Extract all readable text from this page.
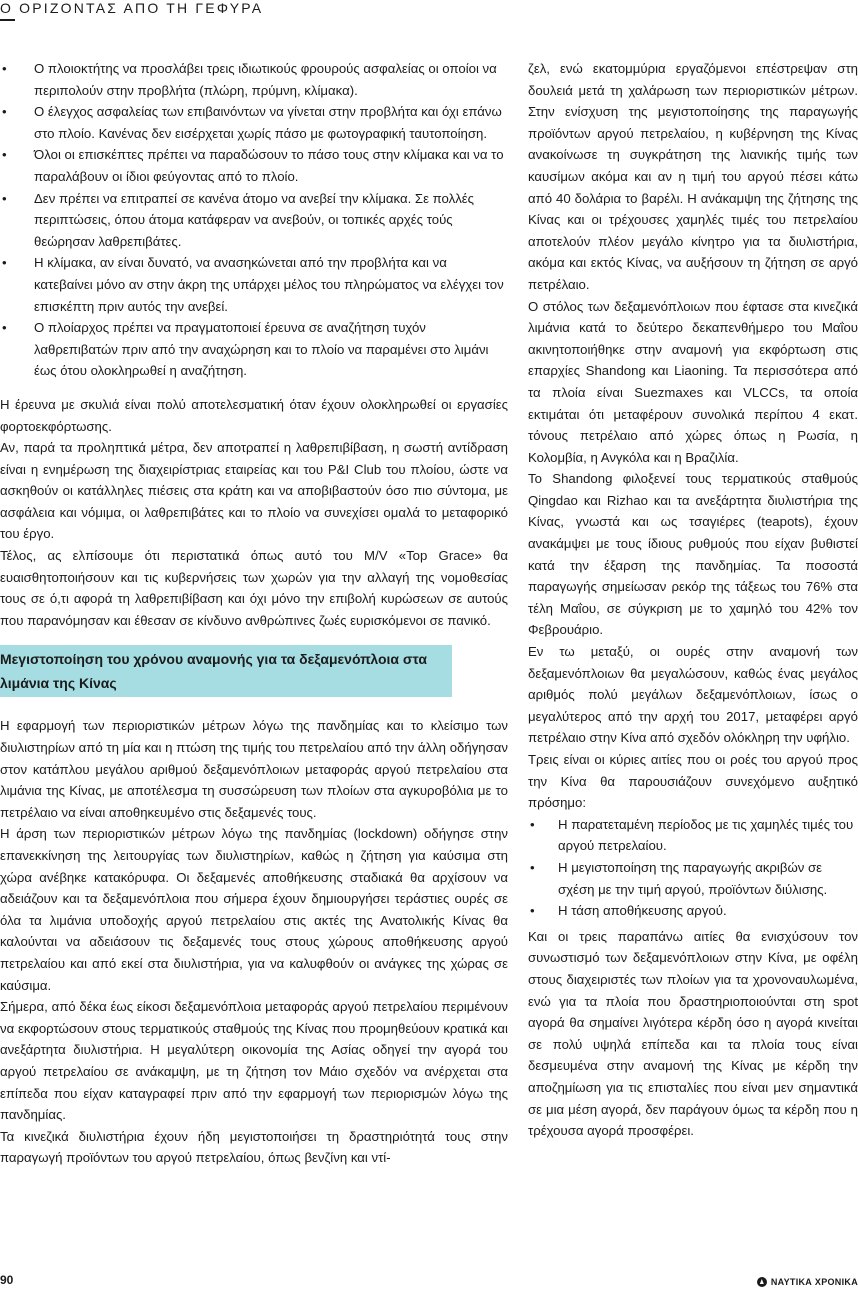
Ο ΟΡΙΖΟΝΤΑΣ ΑΠΟ ΤΗ ΓΕΦΥΡΑ
• Ο πλοιοκτήτης να προσλάβει τρεις ιδιωτικούς φρουρούς ασφαλείας οι οποίοι να περιπολούν στην προβλήτα (πλώρη, πρύμνη, κλίμακα).
• Ο έλεγχος ασφαλείας των επιβαινόντων να γίνεται στην προβλήτα και όχι επάνω στο πλοίο. Κανένας δεν εισέρχεται χωρίς πάσο με φωτογραφική ταυτοποίηση.
• Όλοι οι επισκέπτες πρέπει να παραδώσουν το πάσο τους στην κλίμακα και να το παραλάβουν οι ίδιοι φεύγοντας από το πλοίο.
• Δεν πρέπει να επιτραπεί σε κανένα άτομο να ανεβεί την κλίμακα. Σε πολλές περιπτώσεις, όπου άτομα κατάφεραν να ανεβούν, οι τοπικές αρχές τούς θεώρησαν λαθρεπιβάτες.
• Η κλίμακα, αν είναι δυνατό, να ανασηκώνεται από την προβλήτα και να κατεβαίνει μόνο αν στην άκρη της υπάρχει μέλος του πληρώματος να ελέγχει τον επισκέπτη πριν αυτός την ανεβεί.
• Ο πλοίαρχος πρέπει να πραγματοποιεί έρευνα σε αναζήτηση τυχόν λαθρεπιβατών πριν από την αναχώρηση και το πλοίο να παραμένει στο λιμάνι έως ότου ολοκληρωθεί η αναζήτηση.

Η έρευνα με σκυλιά είναι πολύ αποτελεσματική όταν έχουν ολοκληρωθεί οι εργασίες φορτοεκφόρτωσης.

Αν, παρά τα προληπτικά μέτρα, δεν αποτραπεί η λαθρεπιβίβαση, η σωστή αντίδραση είναι η ενημέρωση της διαχειρίστριας εταιρείας και του P&I Club του πλοίου, ώστε να ασκηθούν οι κατάλληλες πιέσεις στα κράτη και να αποβιβαστούν όσο πιο σύντομα, με ασφάλεια και νόμιμα, οι λαθρεπιβάτες και το πλοίο να συνεχίσει ομαλά το μεταφορικό του έργο.

Τέλος, ας ελπίσουμε ότι περιστατικά όπως αυτό του M/V «Top Grace» θα ευαισθητοποιήσουν και τις κυβερνήσεις των χωρών για την αλλαγή της νομοθεσίας τους σε ό,τι αφορά τη λαθρεπιβίβαση και όχι μόνο την επιβολή κυρώσεων σε αυτούς που παρανόμησαν και έθεσαν σε κίνδυνο ανθρώπινες ζωές ευρισκόμενοι σε πανικό.

Μεγιστοποίηση του χρόνου αναμονής για τα δεξαμενόπλοια στα λιμάνια της Κίνας

Η εφαρμογή των περιοριστικών μέτρων λόγω της πανδημίας και το κλείσιμο των διυλιστηρίων από τη μία και η πτώση της τιμής του πετρελαίου από την άλλη οδήγησαν στον κατάπλου μεγάλου αριθμού δεξαμενόπλοιων μεταφοράς αργού πετρελαίου στα λιμάνια της Κίνας, με αποτέλεσμα τη συσσώρευση των πλοίων στα αγκυροβόλια με το πετρέλαιο να είναι αποθηκευμένο στις δεξαμενές τους.

Η άρση των περιοριστικών μέτρων λόγω της πανδημίας (lockdown) οδήγησε στην επανεκκίνηση της λειτουργίας των διυλιστηρίων, καθώς η ζήτηση για καύσιμα στη χώρα ανέβηκε κατακόρυφα. Οι δεξαμενές αποθήκευσης σταδιακά θα αρχίσουν να αδειάζουν και τα δεξαμενόπλοια που σήμερα έχουν δημιουργήσει τεράστιες ουρές σε όλα τα λιμάνια υποδοχής αργού πετρελαίου στις ακτές της Ανατολικής Κίνας θα καλούνται να αδειάσουν τις δεξαμενές τους στους χώρους αποθήκευσης αργού πετρελαίου και από εκεί στα διυλιστήρια, για να καλυφθούν οι ανάγκες της χώρας σε καύσιμα.

Σήμερα, από δέκα έως είκοσι δεξαμενόπλοια μεταφοράς αργού πετρελαίου περιμένουν να εκφορτώσουν στους τερματικούς σταθμούς της Κίνας που προμηθεύουν κρατικά και ανεξάρτητα διυλιστήρια. Η μεγαλύτερη οικονομία της Ασίας οδηγεί την αγορά του αργού πετρελαίου σε ανάκαμψη, με τη ζήτηση τον Μάιο σχεδόν να ανέρχεται στα επίπεδα που είχαν καταγραφεί πριν από την εφαρμογή των περιορισμών λόγω της πανδημίας.

Τα κινεζικά διυλιστήρια έχουν ήδη μεγιστοποιήσει τη δραστηριότητά τους στην παραγωγή προϊόντων του αργού πετρελαίου, όπως βενζίνη και ντί-

ζελ, ενώ εκατομμύρια εργαζόμενοι επέστρεψαν στη δουλειά μετά τη χαλάρωση των περιοριστικών μέτρων. Στην ενίσχυση της μεγιστοποίησης της παραγωγής προϊόντων αργού πετρελαίου, η κυβέρνηση της Κίνας ανακοίνωσε τη συγκράτηση της λιανικής τιμής των καυσίμων ακόμα και αν η τιμή του αργού πέσει κάτω από 40 δολάρια το βαρέλι. Η ανάκαμψη της ζήτησης της Κίνας και οι τρέχουσες χαμηλές τιμές του πετρελαίου αποτελούν πλέον μεγάλο κίνητρο για τα διυλιστήρια, ακόμα και εκτός Κίνας, να αυξήσουν τη ζήτηση σε αργό πετρέλαιο.

Ο στόλος των δεξαμενόπλοιων που έφτασε στα κινεζικά λιμάνια κατά το δεύτερο δεκαπενθήμερο του Μαΐου ακινητοποιήθηκε στην αναμονή για εκφόρτωση στις επαρχίες Shandong και Liaoning. Τα περισσότερα από τα πλοία είναι Suezmaxes και VLCCs, τα οποία εκτιμάται ότι μεταφέρουν συνολικά περίπου 4 εκατ. τόνους πετρέλαιο από χώρες όπως η Ρωσία, η Κολομβία, η Ανγκόλα και η Βραζιλία.

Το Shandong φιλοξενεί τους τερματικούς σταθμούς Qingdao και Rizhao και τα ανεξάρτητα διυλιστήρια της Κίνας, γνωστά και ως τσαγιέρες (teapots), έχουν ανακάμψει με τους ίδιους ρυθμούς που είχαν βυθιστεί κατά την έξαρση της πανδημίας. Τα ποσοστά παραγωγής σημείωσαν ρεκόρ της τάξεως του 76% στα τέλη Μαΐου, σε σύγκριση με το χαμηλό του 42% τον Φεβρουάριο.

Εν τω μεταξύ, οι ουρές στην αναμονή των δεξαμενόπλοιων θα μεγαλώσουν, καθώς ένας μεγάλος αριθμός πολύ μεγάλων δεξαμενόπλοιων, ίσως ο μεγαλύτερος από την αρχή του 2017, μεταφέρει αργό πετρέλαιο στην Κίνα από σχεδόν ολόκληρη την υφήλιο.

Τρεις είναι οι κύριες αιτίες που οι ροές του αργού προς την Κίνα θα παρουσιάζουν συνεχόμενο αυξητικό πρόσημο:

• Η παρατεταμένη περίοδος με τις χαμηλές τιμές του αργού πετρελαίου.
• Η μεγιστοποίηση της παραγωγής ακριβών σε σχέση με την τιμή αργού, προϊόντων διύλισης.
• Η τάση αποθήκευσης αργού.

Και οι τρεις παραπάνω αιτίες θα ενισχύσουν τον συνωστισμό των δεξαμενόπλοιων στην Κίνα, με οφέλη στους διαχειριστές των πλοίων για τα χρονοναυλωμένα, ενώ για τα πλοία που δραστηριοποιούνται στη spot αγορά θα σημαίνει λιγότερα κέρδη όσο η αγορά κινείται σε πολύ υψηλά επίπεδα και τα πλοία τους είναι δεσμευμένα στην αναμονή της Κίνας με κέρδη την αποζημίωση για τις επισταλίες που είναι μεν σημαντικά σε μια μέση αγορά, δεν παράγουν όμως τα κέρδη που η τρέχουσα αγορά προσφέρει.

90	ΝΑΥΤΙΚΑ ΧΡΟΝΙΚΑ
